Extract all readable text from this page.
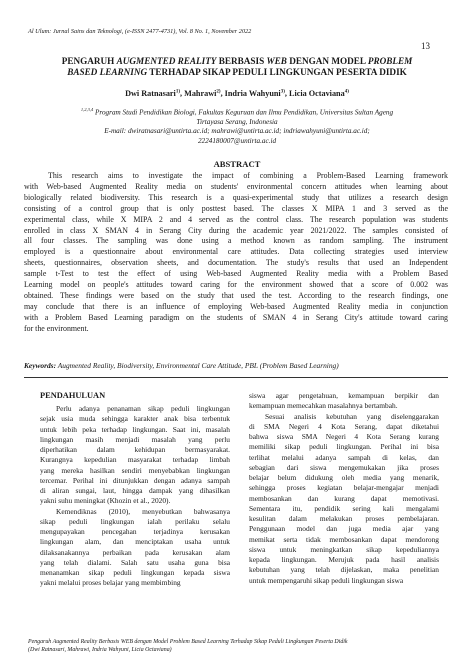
Al Ulum: Jurnal Sains dan Teknologi, (e-ISSN 2477-4731), Vol. 8 No. 1, November 2022
13
PENGARUH AUGMENTED REALITY BERBASIS WEB DENGAN MODEL PROBLEM
BASED LEARNING TERHADAP SIKAP PEDULI LINGKUNGAN PESERTA DIDIK
Dwi Ratnasari$^{1)}$, Mahrawi$^{2)}$, Indria Wahyuni$^{3)}$, Licia Octaviana$^{4)}$
$^{1,2,3,4}$ Program Studi Pendidikan Biologi, Fakultas Keguruan dan Ilmu Pendidikan, Universitas Sultan Ageng
Tirtayasa Serang, Indonesia
E-mail: dwiratnasari@untirta.ac.id; mahrawi@untirta.ac.id; indriawahyuni@untirta.ac.id;
2224180007@untirta.ac.id
ABSTRACT
This research aims to investigate the impact of combining a Problem-Based Learning framework
with Web-based Augmented Reality media on students' environmental concern attitudes when learning about
biologically related biodiversity. This research is a quasi-experimental study that utilizes a research design
consisting of a control group that is only posttest based. The classes X MIPA 1 and 3 served as the
experimental class, while X MIPA 2 and 4 served as the control class. The research population was students
enrolled in class X SMAN 4 in Serang City during the academic year 2021/2022. The samples consisted of
all four classes. The sampling was done using a method known as random sampling. The instrument
employed is a questionnaire about environmental care attitudes. Data collecting strategies used interview
sheets, questionnaires, observation sheets, and documentation. The study's results that used an Independent
sample t-Test to test the effect of using Web-based Augmented Reality media with a Problem Based
Learning model on people's attitudes toward caring for the environment showed that a score of 0.002 was
obtained. These findings were based on the study that used the test. According to the research findings, one
may conclude that there is an influence of employing Web-based Augmented Reality media in conjunction
with a Problem Based Learning paradigm on the students of SMAN 4 in Serang City's attitude toward caring
for the environment.
Keywords: Augmented Reality, Biodiversity, Environmental Care Attitude, PBL (Problem Based Learning)
PENDAHULUAN
Perlu adanya penanaman sikap peduli lingkungan
sejak usia muda sehingga karakter anak bisa terbentuk
untuk lebih peka terhadap lingkungan. Saat ini, masalah
lingkungan masih menjadi masalah yang perlu
diperhatikan dalam kehidupan bermasyarakat.
Kurangnya kepedulian masyarakat terhadap limbah
yang mereka hasilkan sendiri menyebabkan lingkungan
tercemar. Perihal ini ditunjukkan dengan adanya sampah
di aliran sungai, laut, hingga dampak yang dihasilkan
yakni suhu meningkat (Khozin et al., 2020).
Kemendiknas (2010), menyebutkan bahwasanya
sikap peduli lingkungan ialah perilaku selalu
mengupayakan pencegahan terjadinya kerusakan
lingkungan alam, dan menciptakan usaha untuk
dilaksanakannya perbaikan pada kerusakan alam
yang telah dialami. Salah satu usaha guna bisa
menanamkan sikap peduli lingkungan kepada siswa
yakni melalui proses belajar yang membimbing
siswa agar pengetahuan, kemampuan berpikir dan
kemampuan memecahkan masalahnya bertambah.
Sesuai analisis kebutuhan yang diselenggarakan
di SMA Negeri 4 Kota Serang, dapat diketahui
bahwa siswa SMA Negeri 4 Kota Serang kurang
memiliki sikap peduli lingkungan. Perihal ini bisa
terlihat melalui adanya sampah di kelas, dan
sebagian dari siswa mengemukakan jika proses
belajar belum didukung oleh media yang menarik,
sehingga proses kegiatan belajar-mengajar menjadi
membosankan dan kurang dapat memotivasi.
Sementara itu, pendidik sering kali mengalami
kesulitan dalam melakukan proses pembelajaran.
Penggunaan model dan juga media ajar yang
memikat serta tidak membosankan dapat mendorong
siswa untuk meningkatkan sikap kepeduliannya
kepada lingkungan. Merujuk pada hasil analisis
kebutuhan yang telah dijelaskan, maka penelitian
untuk mempengaruhi sikap peduli lingkungan siswa
Pengaruh Augmented Reality Berbasis WEB dengan Model Problem Based Learning Terhadap Sikap Peduli Lingkungan Peserta Didik
(Dwi Ratnasari, Mahrawi, Indria Wahyuni, Licia Octaviana)
